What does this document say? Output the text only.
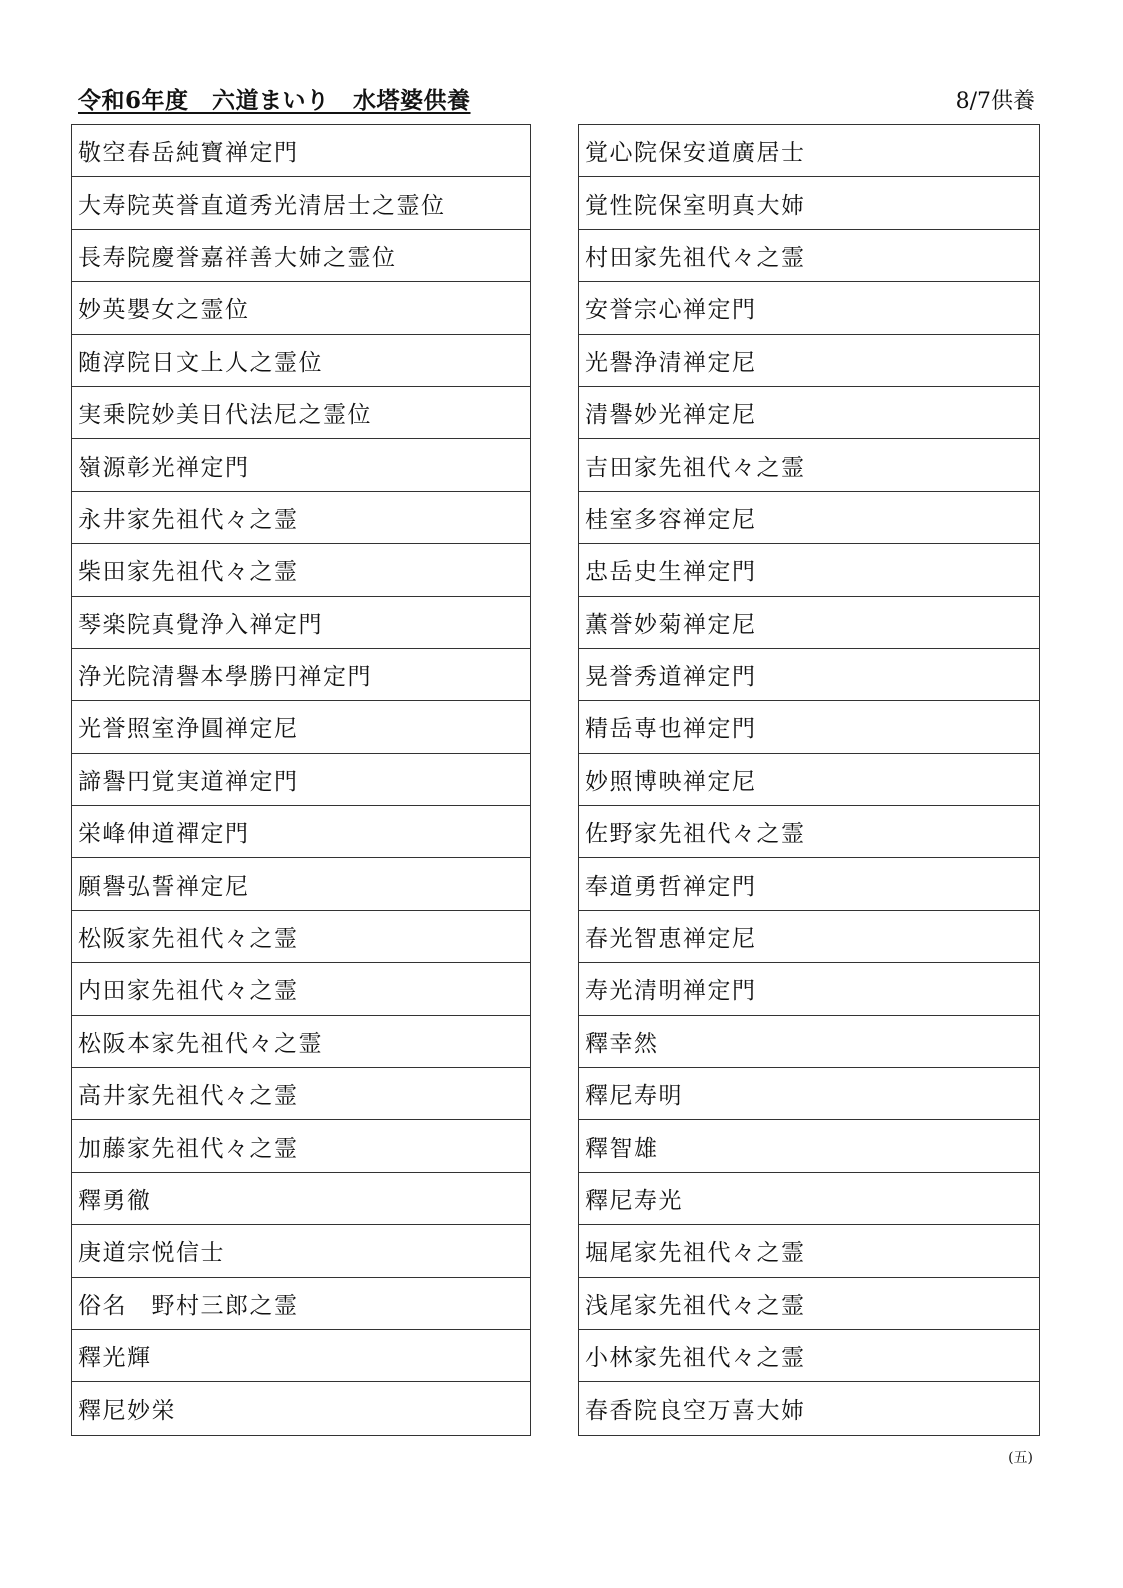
令和6年度　六道まいり　水塔婆供養	8/7供養
敬空春岳純寶禅定門
大寿院英誉直道秀光清居士之霊位
長寿院慶誉嘉祥善大姉之霊位
妙英嬰女之霊位
随淳院日文上人之霊位
実乗院妙美日代法尼之霊位
嶺源彰光禅定門
永井家先祖代々之霊
柴田家先祖代々之霊
琴楽院真覺浄入禅定門
浄光院清譽本學勝円禅定門
光誉照室浄圓禅定尼
諦譽円覚実道禅定門
栄峰伸道禪定門
願譽弘誓禅定尼
松阪家先祖代々之霊
内田家先祖代々之霊
松阪本家先祖代々之霊
高井家先祖代々之霊
加藤家先祖代々之霊
釋勇徹
庚道宗悦信士
俗名　野村三郎之霊
釋光輝
釋尼妙栄
覚心院保安道廣居士
覚性院保室明真大姉
村田家先祖代々之霊
安誉宗心禅定門
光譽浄清禅定尼
清譽妙光禅定尼
吉田家先祖代々之霊
桂室多容禅定尼
忠岳史生禅定門
薫誉妙菊禅定尼
晃誉秀道禅定門
精岳専也禅定門
妙照博映禅定尼
佐野家先祖代々之霊
奉道勇哲禅定門
春光智恵禅定尼
寿光清明禅定門
釋幸然
釋尼寿明
釋智雄
釋尼寿光
堀尾家先祖代々之霊
浅尾家先祖代々之霊
小林家先祖代々之霊
春香院良空万喜大姉
(五)
